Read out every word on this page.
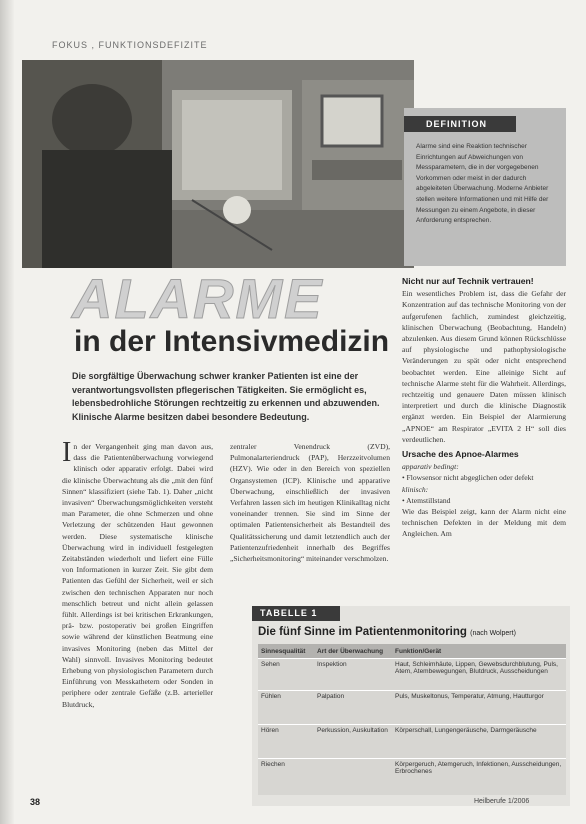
FOKUS , FUNKTIONSDEFIZITE
DEFINITION
Alarme sind eine Reaktion technischer Einrichtungen auf Abweichungen von Messparametern, die in der vorgegebenen Vorkommen oder meist in der dadurch abgeleiteten Überwachung. Moderne Anbieter stellen weitere Informationen und mit Hilfe der Messungen zu einem Angebote, in dieser Anforderung entsprechen.
ALARME
in der Intensivmedizin
Die sorgfältige Überwachung schwer kranker Patienten ist eine der verantwortungsvollsten pflegerischen Tätigkeiten. Sie ermöglicht es, lebensbedrohliche Störungen rechtzeitig zu erkennen und abzuwenden. Klinische Alarme besitzen dabei besondere Bedeutung.
In der Vergangenheit ging man davon aus, dass die Patientenüberwachung vorwiegend klinisch oder apparativ erfolgt. Dabei wird die klinische Überwachtung als die „mit den fünf Sinnen“ klassifiziert (siehe Tab. 1). Daher „nicht invasiven“ Überwachungsmöglichkeiten versteht man Parameter, die ohne Schmerzen und ohne Verletzung der schützenden Haut gewonnen werden. Diese systematische klinische Überwachung wird in individuell festgelegten Zeitabständen wiederholt und liefert eine Fülle von Informationen in kurzer Zeit. Sie gibt dem Patienten das Gefühl der Sicherheit, weil er sich zwischen den technischen Apparaten nur noch menschlich betreut und nicht allein gelassen fühlt. Allerdings ist bei kritischen Erkrankungen, prä- bzw. postoperativ bei großen Eingriffen sowie während der künstlichen Beatmung eine invasives Monitoring (neben das Mittel der Wahl) sinnvoll. Invasives Monitoring bedeutet Erhebung von physiologischen Parametern durch Einführung von Messkathetern oder Sonden in periphere oder zentrale Gefäße (z.B. arterieller Blutdruck,
zentraler Venendruck (ZVD), Pulmonalarteriendruck (PAP), Herzzeitvolumen (HZV). Wie oder in den Bereich von speziellen Organsystemen (ICP). Klinische und apparative Überwachung, einschließlich der invasiven Verfahren lassen sich im heutigen Klinikalltag nicht voneinander trennen. Sie sind im Sinne der optimalen Patientensicherheit als Bestandteil des Qualitätssicherung und damit letztendlich auch der Patientenzufriedenheit innerhalb des Begriffes „Sicherheitsmonitoring“ miteinander verschmolzen.
Nicht nur auf Technik vertrauen!
Ein wesentliches Problem ist, dass die Gefahr der Konzentration auf das technische Monitoring von der aufgerufenen fachlich, zumindest gleichzeitig, klinischen Überwachung (Beobachtung, Handeln) abzulenken. Aus diesem Grund können Rückschlüsse auf physiologische und pathophysiologische Veränderungen zu spät oder nicht entsprechend beobachtet werden. Eine alleinige Sicht auf technische Alarme steht für die Wahrheit. Allerdings, rechtzeitig und genauere Daten müssen klinisch interpretiert und durch die klinische Diagnostik ergänzt werden. Ein Beispiel der Alarmierung „APNOE“ am Respirator „EVITA 2 H“ soll dies verdeutlichen.
Ursache des Apnoe-Alarmes
apparativ bedingt:
• Flowsensor nicht abgeglichen oder defekt
klinisch:
• Atemstillstand
Wie das Beispiel zeigt, kann der Alarm nicht eine technischen Defekten in der Meldung mit dem Angleichen. Am
TABELLE 1
Die fünf Sinne im Patientenmonitoring (nach Wolpert)
Sinnesqualität	Art der Überwachung	Funktion/Gerät
Sehen	Inspektion	Haut, Schleimhäute, Lippen, Gewebsdurchblutung, Puls, Atem, Atembewegungen, Blutdruck, Ausscheidungen
Fühlen	Palpation	Puls, Muskeltonus, Temperatur, Atmung, Hautturgor
Hören	Perkussion, Auskultation	Körperschall, Lungengeräusche, Darmgeräusche
Riechen		Körpergeruch, Atemgeruch, Infektionen, Ausscheidungen, Erbrochenes
38	Heilberufe 1/2006
